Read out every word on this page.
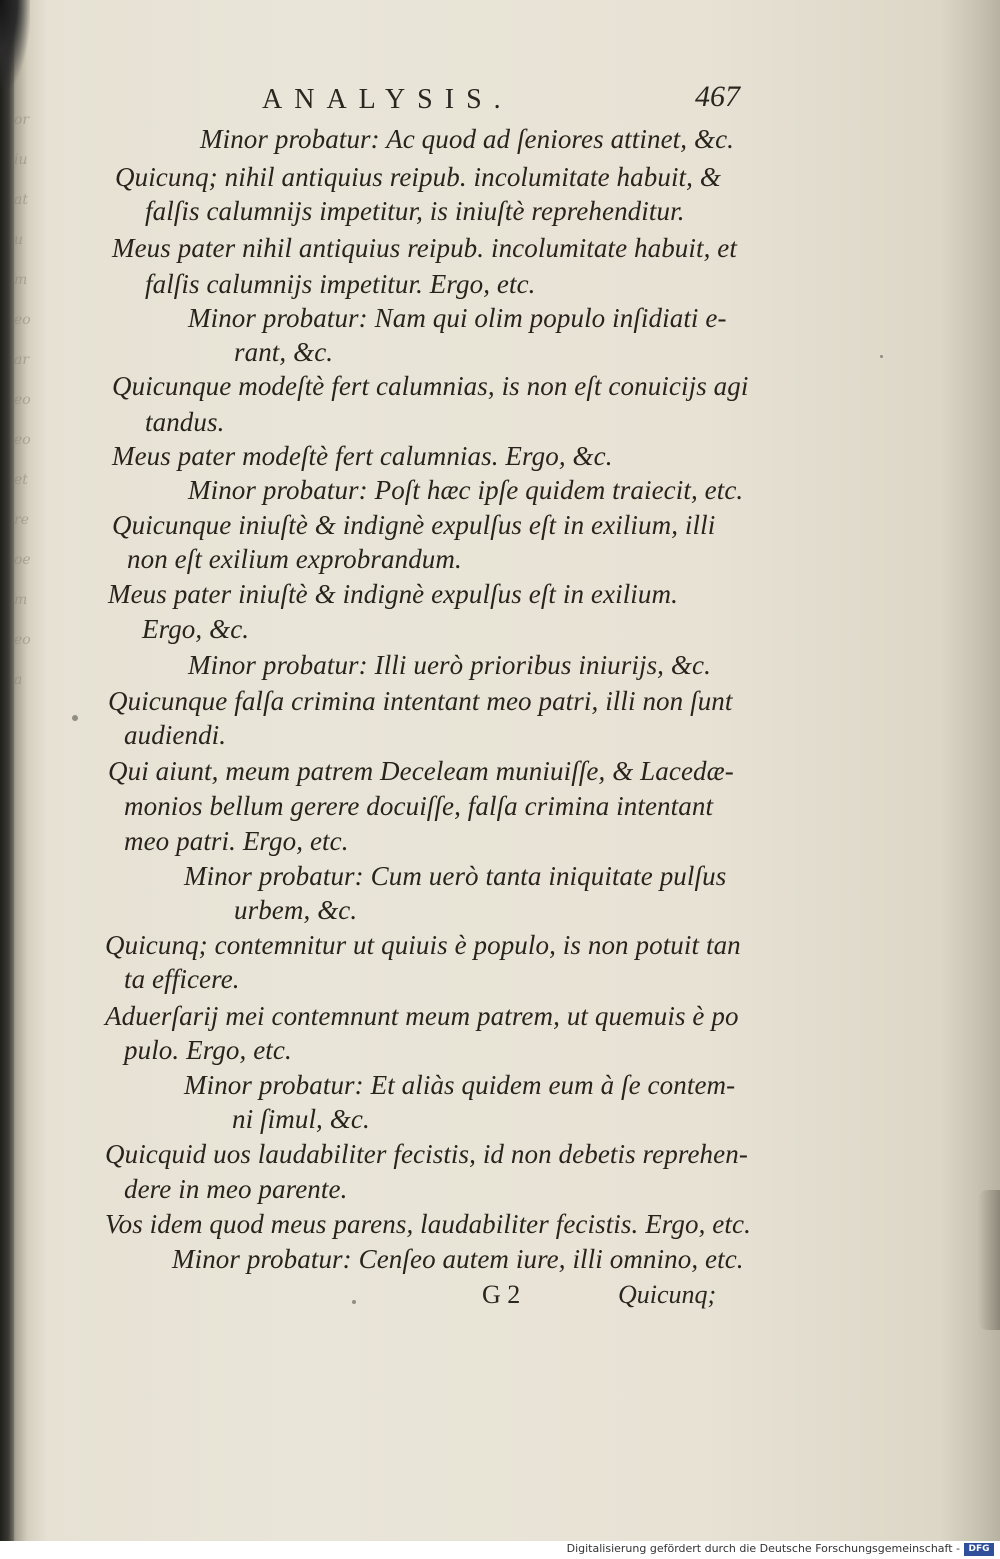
oriuatumeoareoeoetreoemeoa
ANALYSIS.	467
Minor probatur: Ac quod ad ſeniores attinet, &c.
Quicunq; nihil antiquius reipub. incolumitate habuit, &
falſis calumnijs impetitur, is iniuſtè reprehenditur.
Meus pater nihil antiquius reipub. incolumitate habuit, et
falſis calumnijs impetitur. Ergo, etc.
Minor probatur: Nam qui olim populo inſidiati e-
rant, &c.
Quicunque modeſtè fert calumnias, is non eſt conuicijs agi
tandus.
Meus pater modeſtè fert calumnias. Ergo, &c.
Minor probatur: Poſt hæc ipſe quidem traiecit, etc.
Quicunque iniuſtè & indignè expulſus eſt in exilium, illi
non eſt exilium exprobrandum.
Meus pater iniuſtè & indignè expulſus eſt in exilium.
Ergo, &c.
Minor probatur: Illi uerò prioribus iniurijs, &c.
Quicunque falſa crimina intentant meo patri, illi non ſunt
audiendi.
Qui aiunt, meum patrem Deceleam muniuiſſe, & Lacedæ-
monios bellum gerere docuiſſe, falſa crimina intentant
meo patri. Ergo, etc.
Minor probatur: Cum uerò tanta iniquitate pulſus
urbem, &c.
Quicunq; contemnitur ut quiuis è populo, is non potuit tan
ta efficere.
Aduerſarij mei contemnunt meum patrem, ut quemuis è po
pulo. Ergo, etc.
Minor probatur: Et aliàs quidem eum à ſe contem-
ni ſimul, &c.
Quicquid uos laudabiliter fecistis, id non debetis reprehen-
dere in meo parente.
Vos idem quod meus parens, laudabiliter fecistis. Ergo, etc.
Minor probatur: Cenſeo autem iure, illi omnino, etc.
G 2	Quicunq;
Digitalisierung gefördert durch die Deutsche Forschungsgemeinschaft - DFG
